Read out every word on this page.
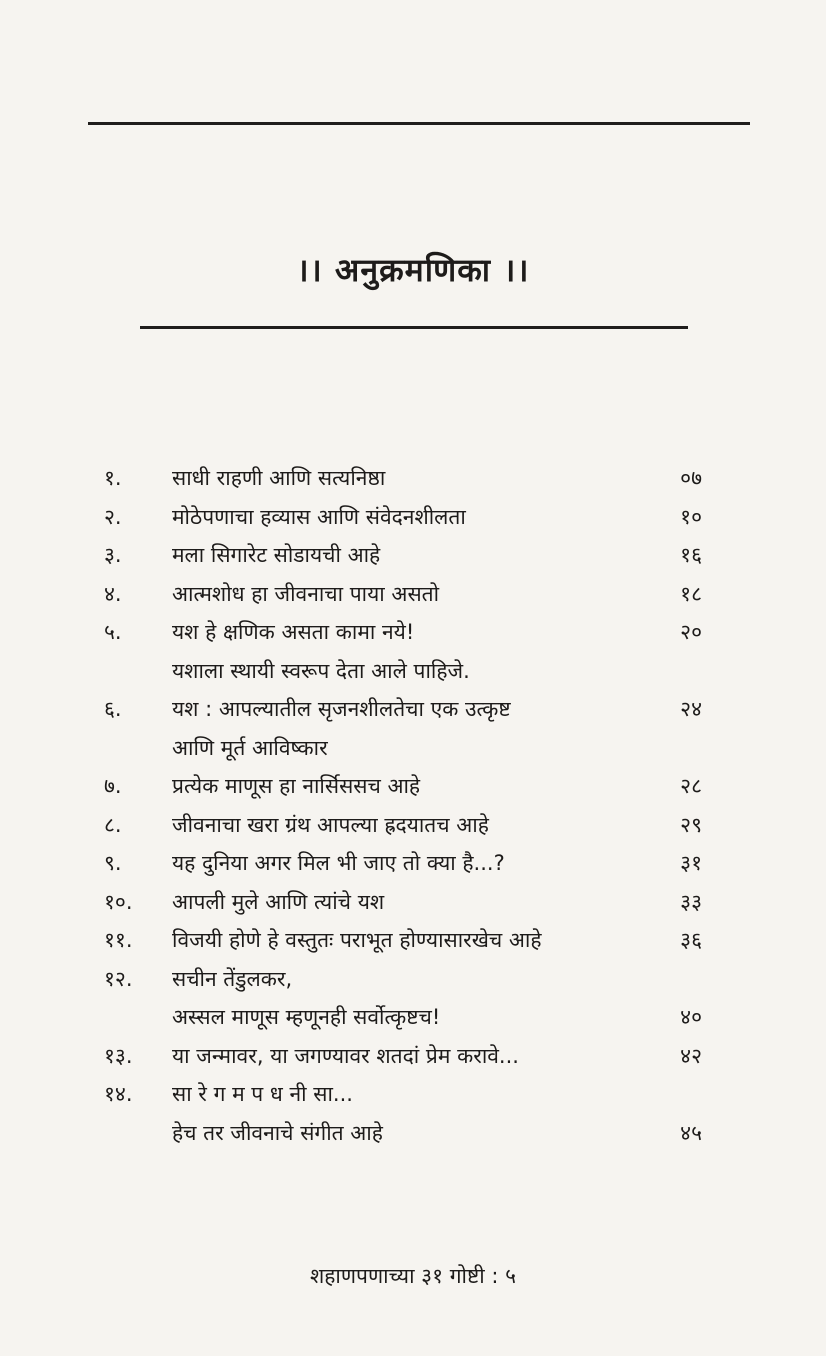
।। अनुक्रमणिका ।।
१.	साधी राहणी आणि सत्यनिष्ठा	०७
२.	मोठेपणाचा हव्यास आणि संवेदनशीलता	१०
३.	मला सिगारेट सोडायची आहे	१६
४.	आत्मशोध हा जीवनाचा पाया असतो	१८
५.	यश हे क्षणिक असता कामा नये!	२०
यशाला स्थायी स्वरूप देता आले पाहिजे.
६.	यश : आपल्यातील सृजनशीलतेचा एक उत्कृष्ट	२४
आणि मूर्त आविष्कार
७.	प्रत्येक माणूस हा नार्सिससच आहे	२८
८.	जीवनाचा खरा ग्रंथ आपल्या ह्रदयातच आहे	२९
९.	यह दुनिया अगर मिल भी जाए तो क्या है...?	३१
१०.	आपली मुले आणि त्यांचे यश	३३
११.	विजयी होणे हे वस्तुतः पराभूत होण्यासारखेच आहे	३६
१२.	सचीन तेंडुलकर,
अस्सल माणूस म्हणूनही सर्वोत्कृष्टच!	४०
१३.	या जन्मावर, या जगण्यावर शतदां प्रेम करावे...	४२
१४.	सा रे ग म प ध नी सा...
हेच तर जीवनाचे संगीत आहे	४५
शहाणपणाच्या ३१ गोष्टी : ५
